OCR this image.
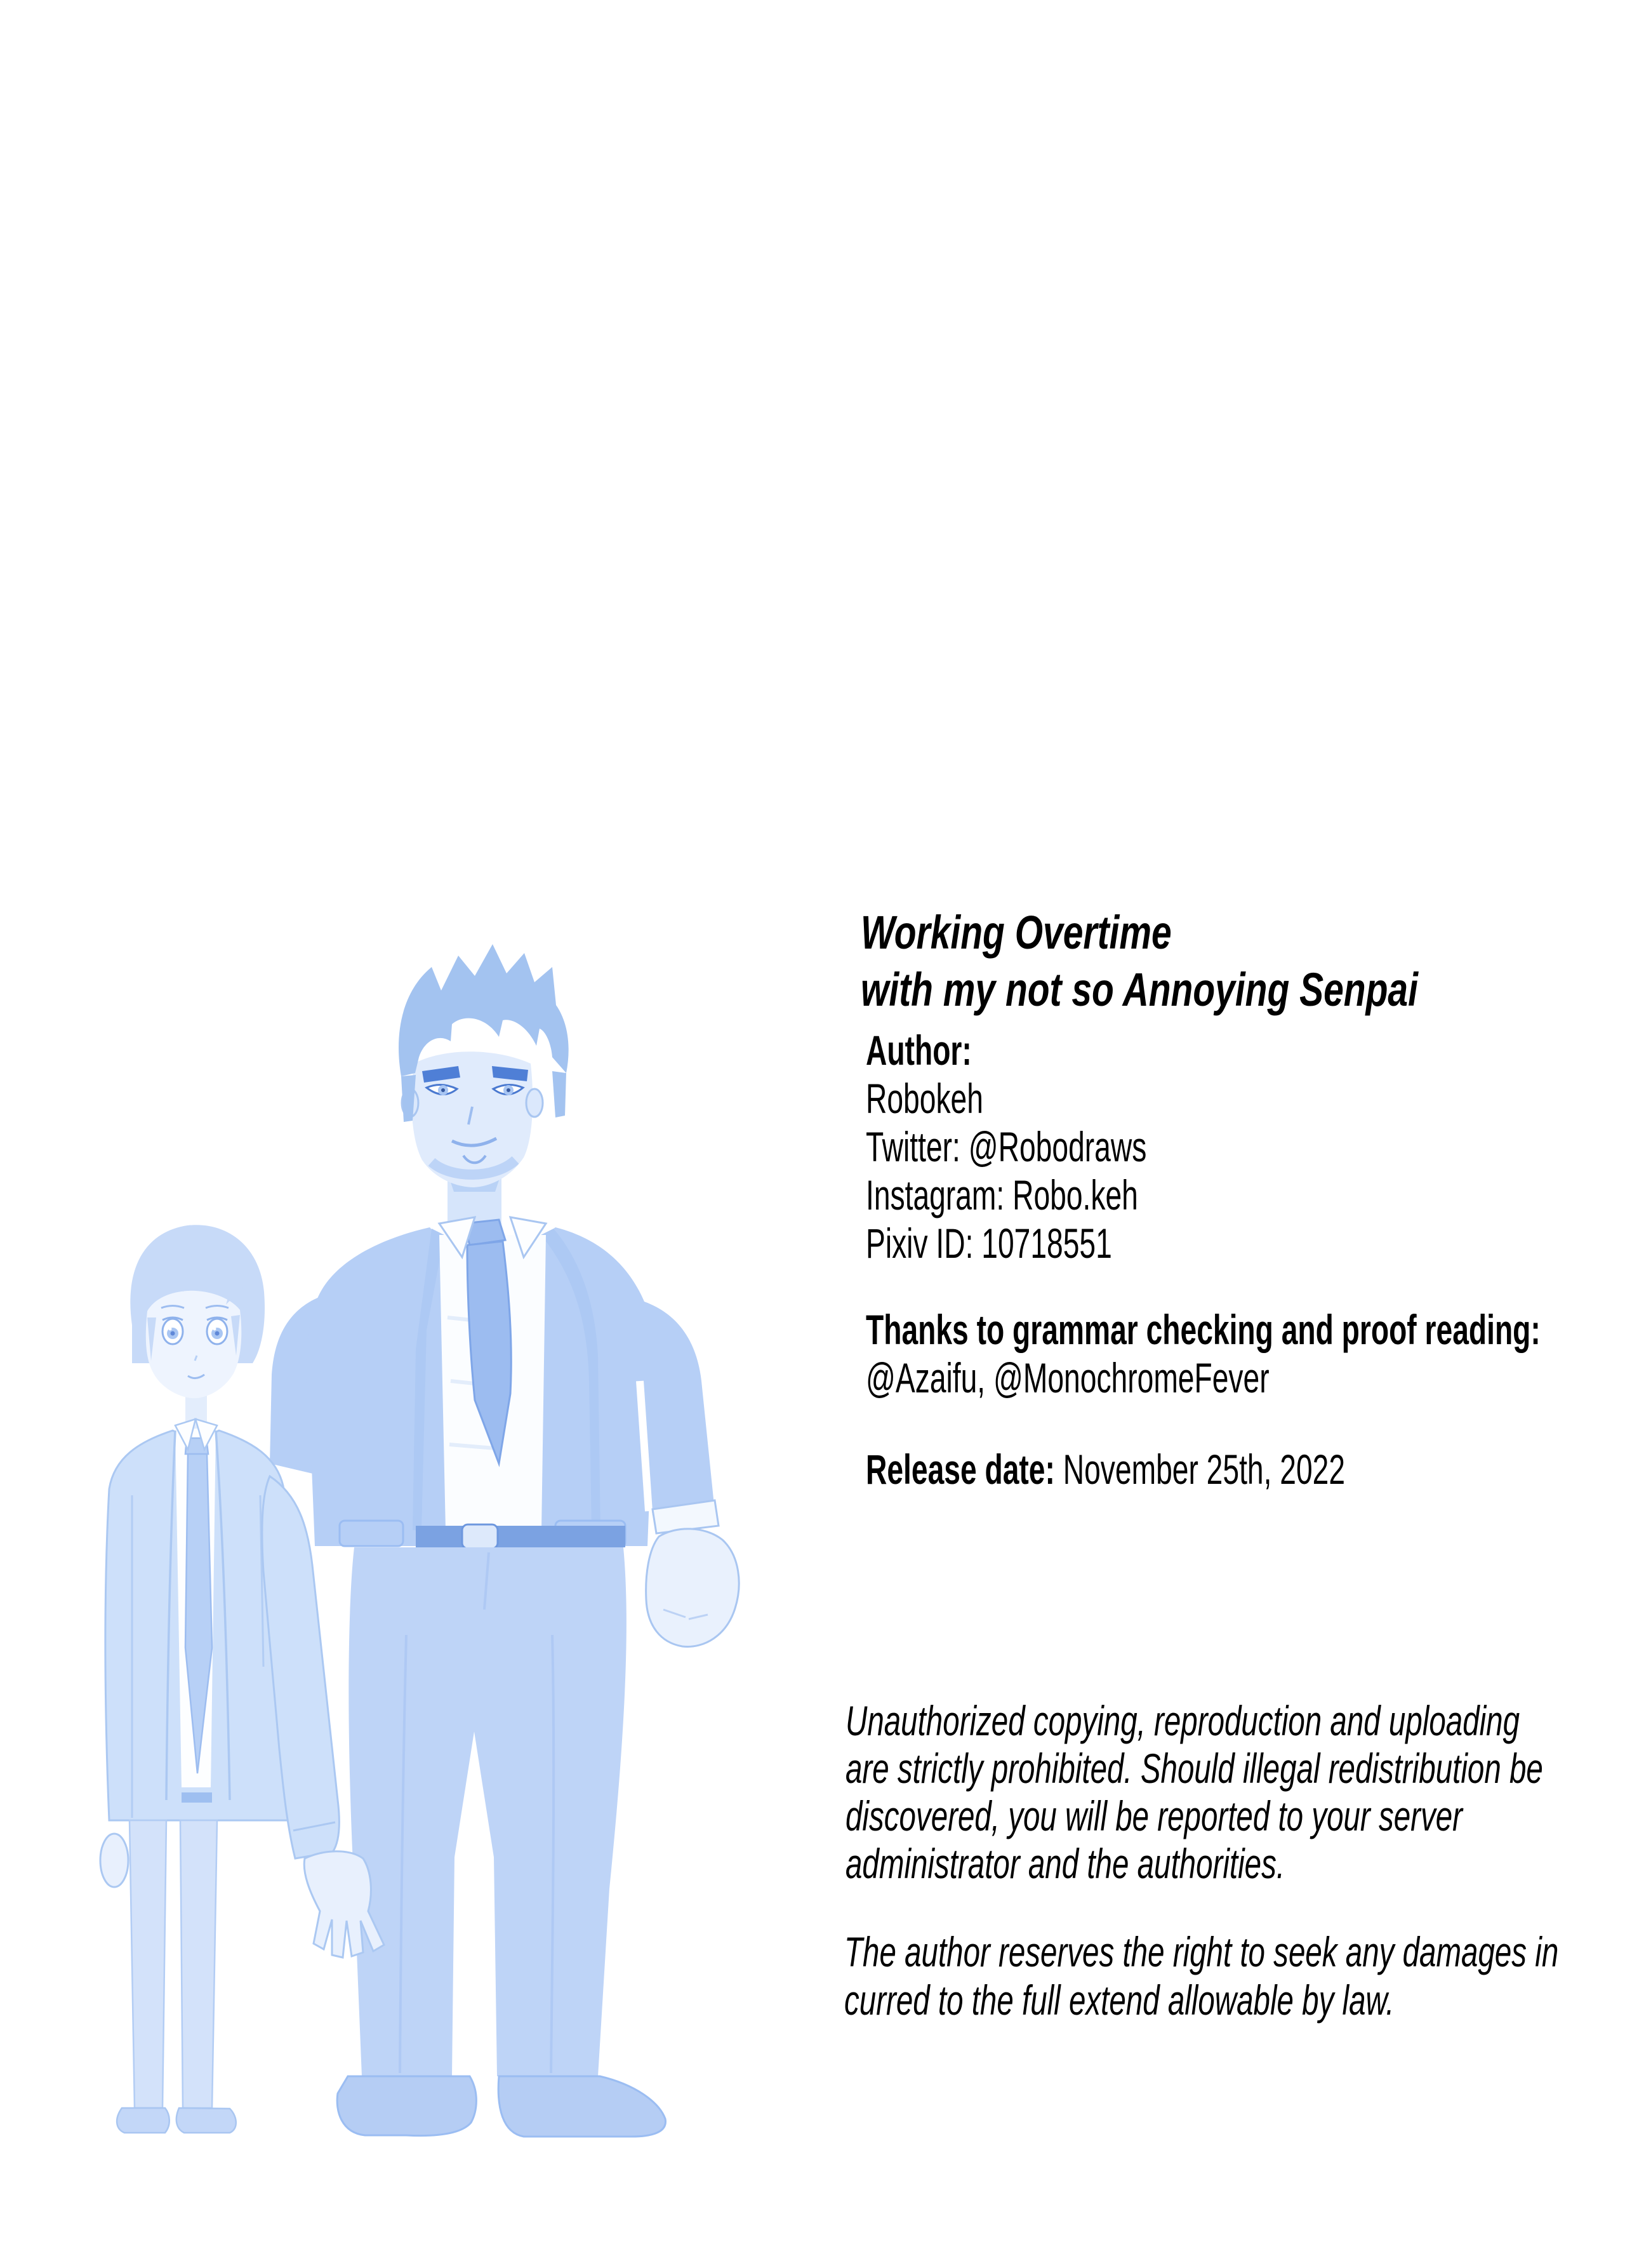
Working Overtime
with my not so Annoying Senpai
Author:
Robokeh
Twitter: @Robodraws
Instagram: Robo.keh
Pixiv ID: 10718551
Thanks to grammar checking and proof reading:
@Azaifu, @MonochromeFever
Release date: November 25th, 2022
Unauthorized copying, reproduction and uploading
are strictly prohibited. Should illegal redistribution be
discovered, you will be reported to your server
administrator and the authorities.
The author reserves the right to seek any damages in
curred to the full extend allowable by law.
